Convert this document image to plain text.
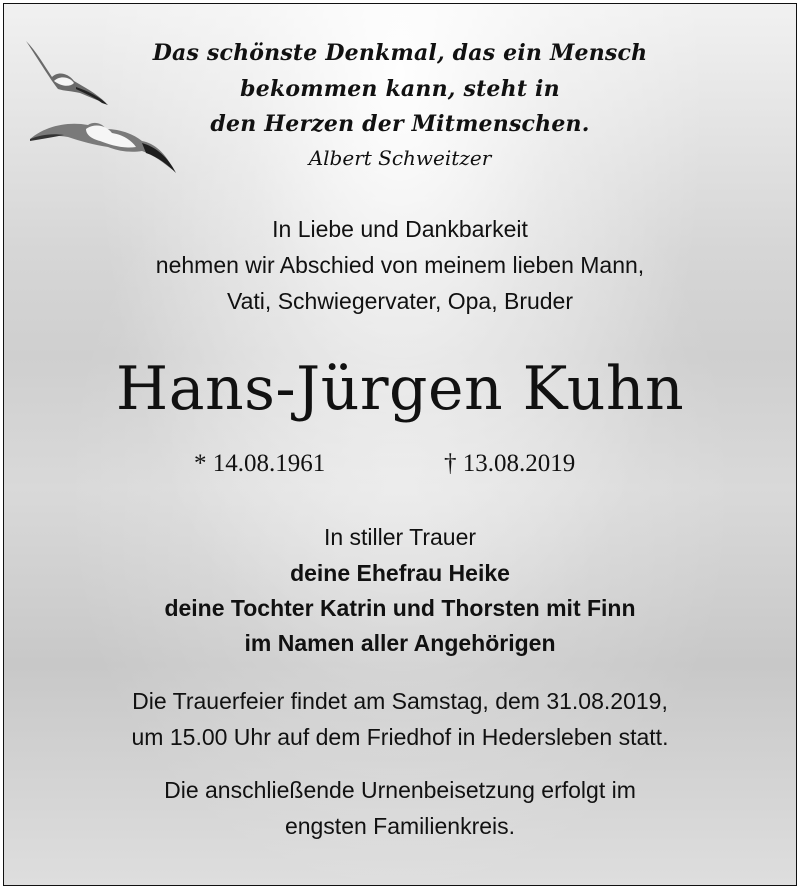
Das schönste Denkmal, das ein Mensch
bekommen kann, steht in
den Herzen der Mitmenschen.
Albert Schweitzer
In Liebe und Dankbarkeit
nehmen wir Abschied von meinem lieben Mann,
Vati, Schwiegervater, Opa, Bruder
Hans-Jürgen Kuhn
* 14.08.1961	† 13.08.2019
In stiller Trauer
deine Ehefrau Heike
deine Tochter Katrin und Thorsten mit Finn
im Namen aller Angehörigen
Die Trauerfeier findet am Samstag, dem 31.08.2019,
um 15.00 Uhr auf dem Friedhof in Hedersleben statt.
Die anschließende Urnenbeisetzung erfolgt im
engsten Familienkreis.
